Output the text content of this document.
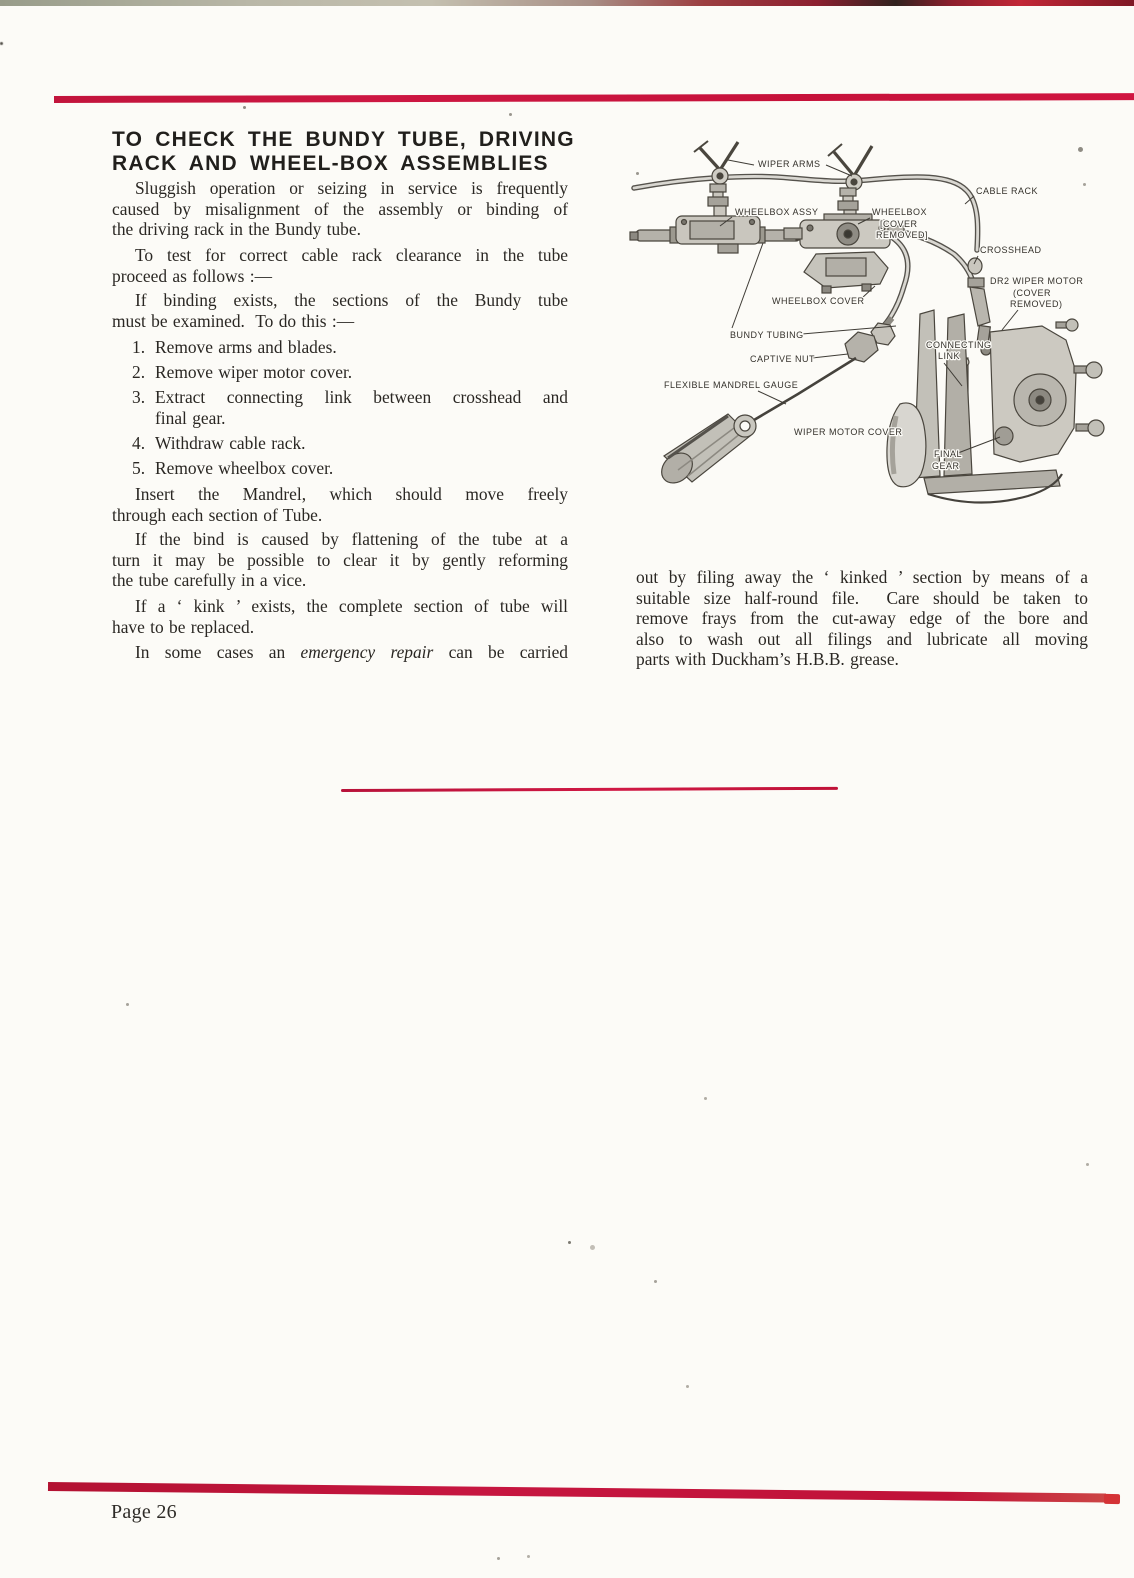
TO CHECK THE BUNDY TUBE, DRIVING
RACK AND WHEEL-BOX ASSEMBLIES
Sluggish operation or seizing in service is frequently
caused by misalignment of the assembly or binding of
the driving rack in the Bundy tube.
To test for correct cable rack clearance in the tube
proceed as follows :—
If binding exists, the sections of the Bundy tube
must be examined.  To do this :—
1. Remove arms and blades.
2. Remove wiper motor cover.
3. Extract connecting link between crosshead and
final gear.
4. Withdraw cable rack.
5. Remove wheelbox cover.
Insert the Mandrel, which should move freely
through each section of Tube.
If the bind is caused by flattening of the tube at a
turn it may be possible to clear it by gently reforming
the tube carefully in a vice.
If a ‘ kink ’ exists, the complete section of tube will
have to be replaced.
In some cases an emergency repair can be carried
out by filing away the ‘ kinked ’ section by means of a
suitable size half-round file.  Care should be taken to
remove frays from the cut-away edge of the bore and
also to wash out all filings and lubricate all moving
parts with Duckham’s H.B.B. grease.
WIPER ARMS
CABLE RACK
WHEELBOX ASSY	WHEELBOX
[COVER
REMOVED]
CROSSHEAD
DR2 WIPER MOTOR
(COVER
REMOVED)
WHEELBOX COVER
BUNDY TUBING
CAPTIVE NUT
FLEXIBLE MANDREL GAUGE
CONNECTING
LINK
WIPER MOTOR COVER
FINAL
GEAR
Page 26
